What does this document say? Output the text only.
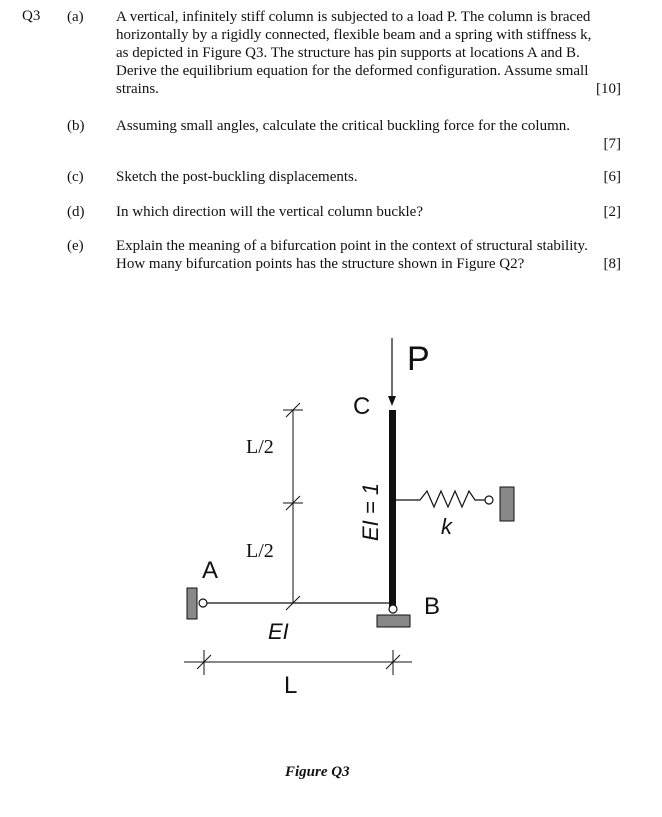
Q3 (a) A vertical, infinitely stiff column is subjected to a load P. The column is braced
horizontally by a rigidly connected, flexible beam and a spring with stiffness k,
as depicted in Figure Q3. The structure has pin supports at locations A and B.
Derive the equilibrium equation for the deformed configuration. Assume small
strains.	[10]
(b) Assuming small angles, calculate the critical buckling force for the column.
[7]
(c) Sketch the post-buckling displacements.	[6]
(d) In which direction will the vertical column buckle?	[2]
(e) Explain the meaning of a bifurcation point in the context of structural stability.
How many bifurcation points has the structure shown in Figure Q2?	[8]
P
C
EI = 1	k
B
A
EI
L
L/2
L/2
Figure Q3
